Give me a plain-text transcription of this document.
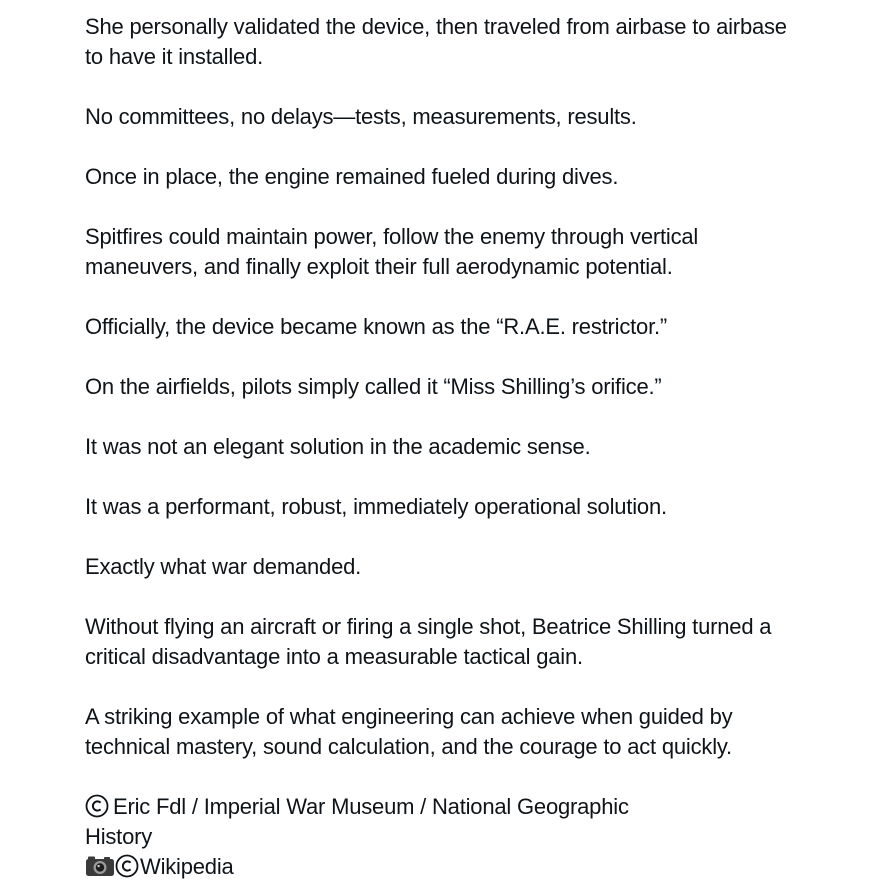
She personally validated the device, then traveled from airbase to airbase
to have it installed.

No committees, no delays—tests, measurements, results.

Once in place, the engine remained fueled during dives.

Spitfires could maintain power, follow the enemy through vertical
maneuvers, and finally exploit their full aerodynamic potential.

Officially, the device became known as the “R.A.E. restrictor.”

On the airfields, pilots simply called it “Miss Shilling’s orifice.”

It was not an elegant solution in the academic sense.

It was a performant, robust, immediately operational solution.

Exactly what war demanded.

Without flying an aircraft or firing a single shot, Beatrice Shilling turned a
critical disadvantage into a measurable tactical gain.

A striking example of what engineering can achieve when guided by
technical mastery, sound calculation, and the courage to act quickly.

Eric Fdl / Imperial War Museum / National Geographic
History
Wikipedia
